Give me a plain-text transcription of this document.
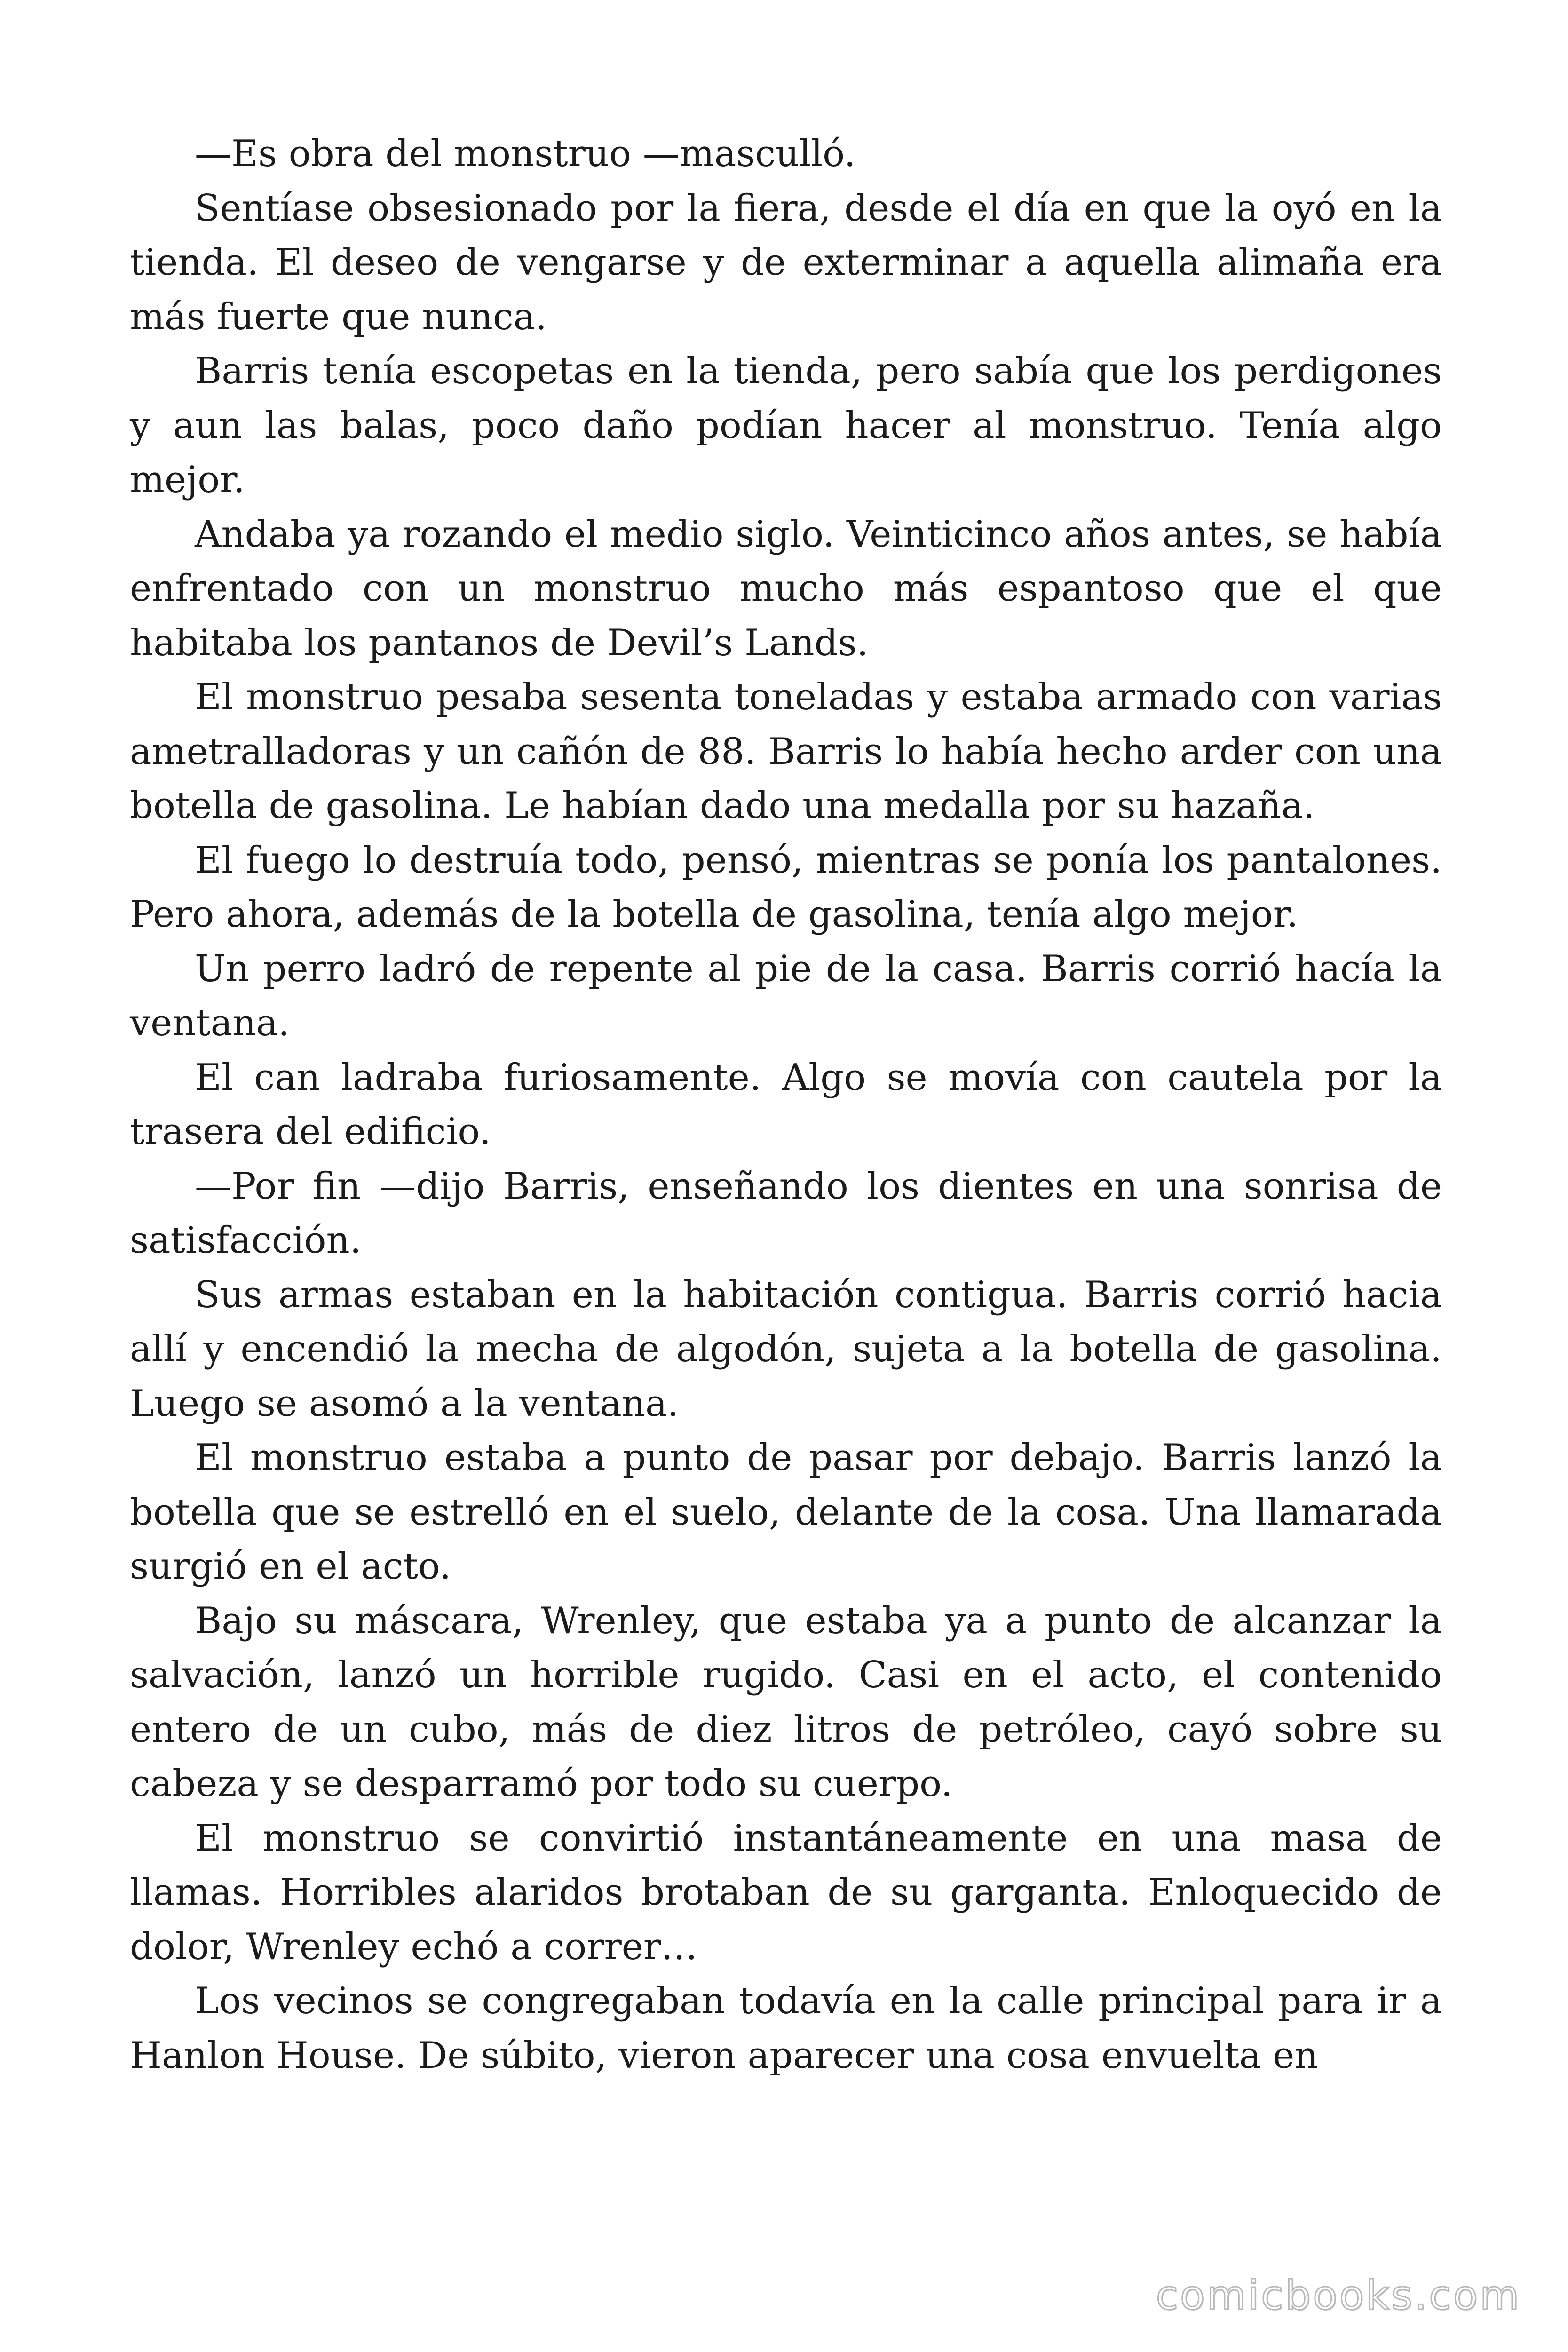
—Es obra del monstruo —masculló.

Sentíase obsesionado por la fiera, desde el día en que la oyó en la tienda. El deseo de vengarse y de exterminar a aquella alimaña era más fuerte que nunca.

Barris tenía escopetas en la tienda, pero sabía que los perdigones y aun las balas, poco daño podían hacer al monstruo. Tenía algo mejor.

Andaba ya rozando el medio siglo. Veinticinco años antes, se había enfrentado con un monstruo mucho más espantoso que el que habitaba los pantanos de Devil’s Lands.

El monstruo pesaba sesenta toneladas y estaba armado con varias ametralladoras y un cañón de 88. Barris lo había hecho arder con una botella de gasolina. Le habían dado una medalla por su hazaña.

El fuego lo destruía todo, pensó, mientras se ponía los pantalones. Pero ahora, además de la botella de gasolina, tenía algo mejor.

Un perro ladró de repente al pie de la casa. Barris corrió hacía la ventana.

El can ladraba furiosamente. Algo se movía con cautela por la trasera del edificio.

—Por fin —dijo Barris, enseñando los dientes en una sonrisa de satisfacción.

Sus armas estaban en la habitación contigua. Barris corrió hacia allí y encendió la mecha de algodón, sujeta a la botella de gasolina. Luego se asomó a la ventana.

El monstruo estaba a punto de pasar por debajo. Barris lanzó la botella que se estrelló en el suelo, delante de la cosa. Una llamarada surgió en el acto.

Bajo su máscara, Wrenley, que estaba ya a punto de alcanzar la salvación, lanzó un horrible rugido. Casi en el acto, el contenido entero de un cubo, más de diez litros de petróleo, cayó sobre su cabeza y se desparramó por todo su cuerpo.

El monstruo se convirtió instantáneamente en una masa de llamas. Horribles alaridos brotaban de su garganta. Enloquecido de dolor, Wrenley echó a correr…

Los vecinos se congregaban todavía en la calle principal para ir a Hanlon House. De súbito, vieron aparecer una cosa envuelta en

comicbooks.com
